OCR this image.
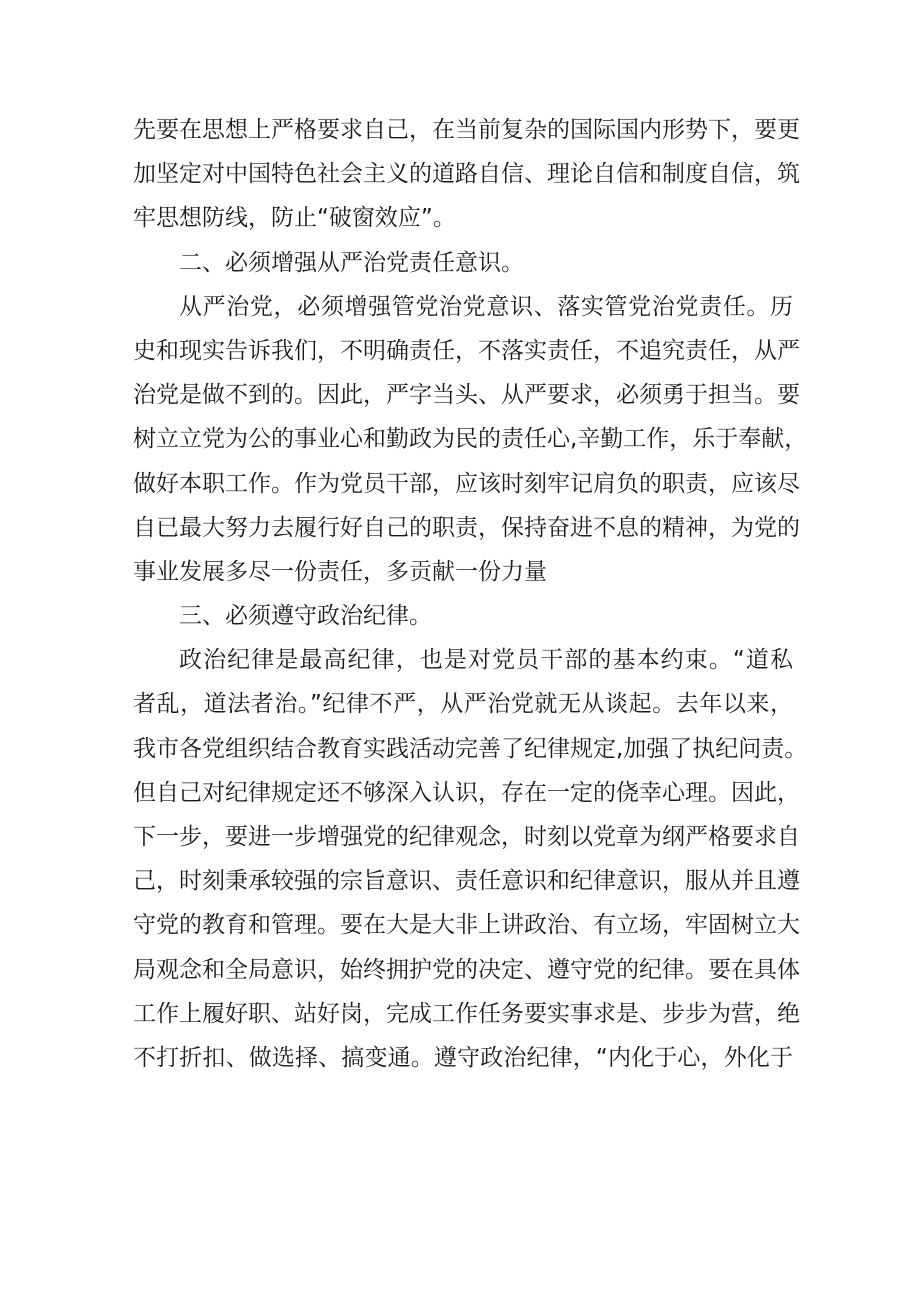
先要在思想上严格要求自己，在当前复杂的国际国内形势下，要更
加坚定对中国特色社会主义的道路自信、理论自信和制度自信，筑
牢思想防线，防止“破窗效应”。
二、必须增强从严治党责任意识。
从严治党，必须增强管党治党意识、落实管党治党责任。历
史和现实告诉我们，不明确责任，不落实责任，不追究责任，从严
治党是做不到的。因此，严字当头、从严要求，必须勇于担当。要
树立立党为公的事业心和勤政为民的责任心,辛勤工作，乐于奉献，
做好本职工作。作为党员干部，应该时刻牢记肩负的职责，应该尽
自已最大努力去履行好自己的职责，保持奋进不息的精神，为党的
事业发展多尽一份责任，多贡献一份力量
三、必须遵守政治纪律。
政治纪律是最高纪律，也是对党员干部的基本约束。“道私
者乱，道法者治。”纪律不严，从严治党就无从谈起。去年以来，
我市各党组织结合教育实践活动完善了纪律规定,加强了执纪问责。
但自己对纪律规定还不够深入认识，存在一定的侥幸心理。因此，
下一步，要进一步增强党的纪律观念，时刻以党章为纲严格要求自
己，时刻秉承较强的宗旨意识、责任意识和纪律意识，服从并且遵
守党的教育和管理。要在大是大非上讲政治、有立场，牢固树立大
局观念和全局意识，始终拥护党的决定、遵守党的纪律。要在具体
工作上履好职、站好岗，完成工作任务要实事求是、步步为营，绝
不打折扣、做选择、搞变通。遵守政治纪律，“内化于心，外化于
